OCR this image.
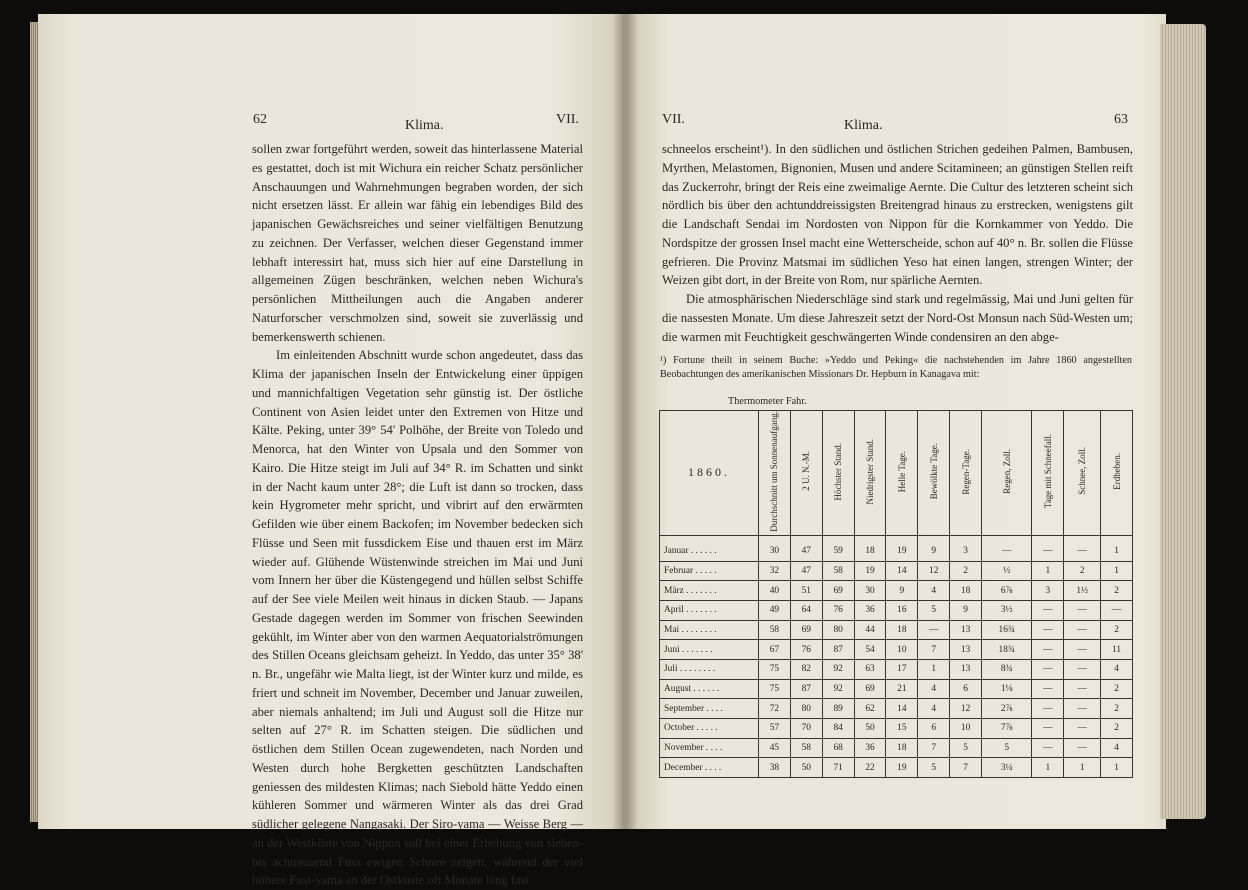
62	Klima.	VII.

sollen zwar fortgeführt werden, soweit das hinterlassene Material es gestattet, doch ist mit Wichura ein reicher Schatz persönlicher Anschauungen und Wahrnehmungen begraben worden, der sich nicht ersetzen lässt. Er allein war fähig ein lebendiges Bild des japanischen Gewächsreiches und seiner vielfältigen Benutzung zu zeichnen. Der Verfasser, welchen dieser Gegenstand immer lebhaft interessirt hat, muss sich hier auf eine Darstellung in allgemeinen Zügen beschränken, welchen neben Wichura's persönlichen Mittheilungen auch die Angaben anderer Naturforscher verschmolzen sind, soweit sie zuverlässig und bemerkenswerth schienen.

Im einleitenden Abschnitt wurde schon angedeutet, dass das Klima der japanischen Inseln der Entwickelung einer üppigen und mannichfaltigen Vegetation sehr günstig ist. Der östliche Continent von Asien leidet unter den Extremen von Hitze und Kälte. Peking, unter 39° 54' Polhöhe, der Breite von Toledo und Menorca, hat den Winter von Upsala und den Sommer von Kairo. Die Hitze steigt im Juli auf 34° R. im Schatten und sinkt in der Nacht kaum unter 28°; die Luft ist dann so trocken, dass kein Hygrometer mehr spricht, und vibrirt auf den erwärmten Gefilden wie über einem Backofen; im November bedecken sich Flüsse und Seen mit fussdickem Eise und thauen erst im März wieder auf. Glühende Wüstenwinde streichen im Mai und Juni vom Innern her über die Küstengegend und hüllen selbst Schiffe auf der See viele Meilen weit hinaus in dicken Staub. — Japans Gestade dagegen werden im Sommer von frischen Seewinden gekühlt, im Winter aber von den warmen Aequatorialströmungen des Stillen Oceans gleichsam geheizt. In Yeddo, das unter 35° 38' n. Br., ungefähr wie Malta liegt, ist der Winter kurz und milde, es friert und schneit im November, December und Januar zuweilen, aber niemals anhaltend; im Juli und August soll die Hitze nur selten auf 27° R. im Schatten steigen. Die südlichen und östlichen dem Stillen Ocean zugewendeten, nach Norden und Westen durch hohe Bergketten geschützten Landschaften geniessen des mildesten Klimas; nach Siebold hätte Yeddo einen kühleren Sommer und wärmeren Winter als das drei Grad südlicher gelegene Nangasaki. Der Siro-yama — Weisse Berg — an der Westküste von Nippon soll bei einer Erhebung von sieben- bis achttausend Fuss ewigen Schnee zeigen, während der viel höhere Fusi-yama an der Ostküste oft Monate lang fast

VII.	Klima.	63

schneelos erscheint¹). In den südlichen und östlichen Strichen gedeihen Palmen, Bambusen, Myrthen, Melastomen, Bignonien, Musen und andere Scitamineen; an günstigen Stellen reift das Zuckerrohr, bringt der Reis eine zweimalige Aernte. Die Cultur des letzteren scheint sich nördlich bis über den achtunddreissigsten Breitengrad hinaus zu erstrecken, wenigstens gilt die Landschaft Sendai im Nordosten von Nippon für die Kornkammer von Yeddo. Die Nordspitze der grossen Insel macht eine Wetterscheide, schon auf 40° n. Br. sollen die Flüsse gefrieren. Die Provinz Matsmai im südlichen Yeso hat einen langen, strengen Winter; der Weizen gibt dort, in der Breite von Rom, nur spärliche Aernten.

Die atmosphärischen Niederschläge sind stark und regelmässig, Mai und Juni gelten für die nassesten Monate. Um diese Jahreszeit setzt der Nord-Ost Monsun nach Süd-Westen um; die warmen mit Feuchtigkeit geschwängerten Winde condensiren an den abge-

¹) Fortune theilt in seinem Buche: »Yeddo und Peking« die nachstehenden im Jahre 1860 angestellten Beobachtungen des amerikanischen Missionars Dr. Hepburn in Kanagava mit:
Thermometer Fahr.
1860.	Durchschnitt um Sonnenaufgang.	2 U. N.-M.	Höchster Stand.	Niedrigster Stand.	Helle Tage.	Bewölkte Tage.	Regen-Tage.	Regen, Zoll.	Tage mit Schneefall.	Schnee, Zoll.	Erdbeben.
Januar . . . . . .	30	47	59	18	19	9	3	—	—	—	1
Februar . . . . .	32	47	58	19	14	12	2	½	1	2	1
März . . . . . . .	40	51	69	30	9	4	18	6⅞	3	1½	2
April . . . . . . .	49	64	76	36	16	5	9	3½	—	—	—
Mai . . . . . . . .	58	69	80	44	18	—	13	16¾	—	—	2
Juni . . . . . . .	67	76	87	54	10	7	13	18¾	—	—	11
Juli . . . . . . . .	75	82	92	63	17	1	13	8¾	—	—	4
August . . . . . .	75	87	92	69	21	4	6	1⅛	—	—	2
September . . . .	72	80	89	62	14	4	12	2⅞	—	—	2
October . . . . .	57	70	84	50	15	6	10	7⅞	—	—	2
November . . . .	45	58	68	36	18	7	5	5	—	—	4
December . . . .	38	50	71	22	19	5	7	3¼	1	1	1
